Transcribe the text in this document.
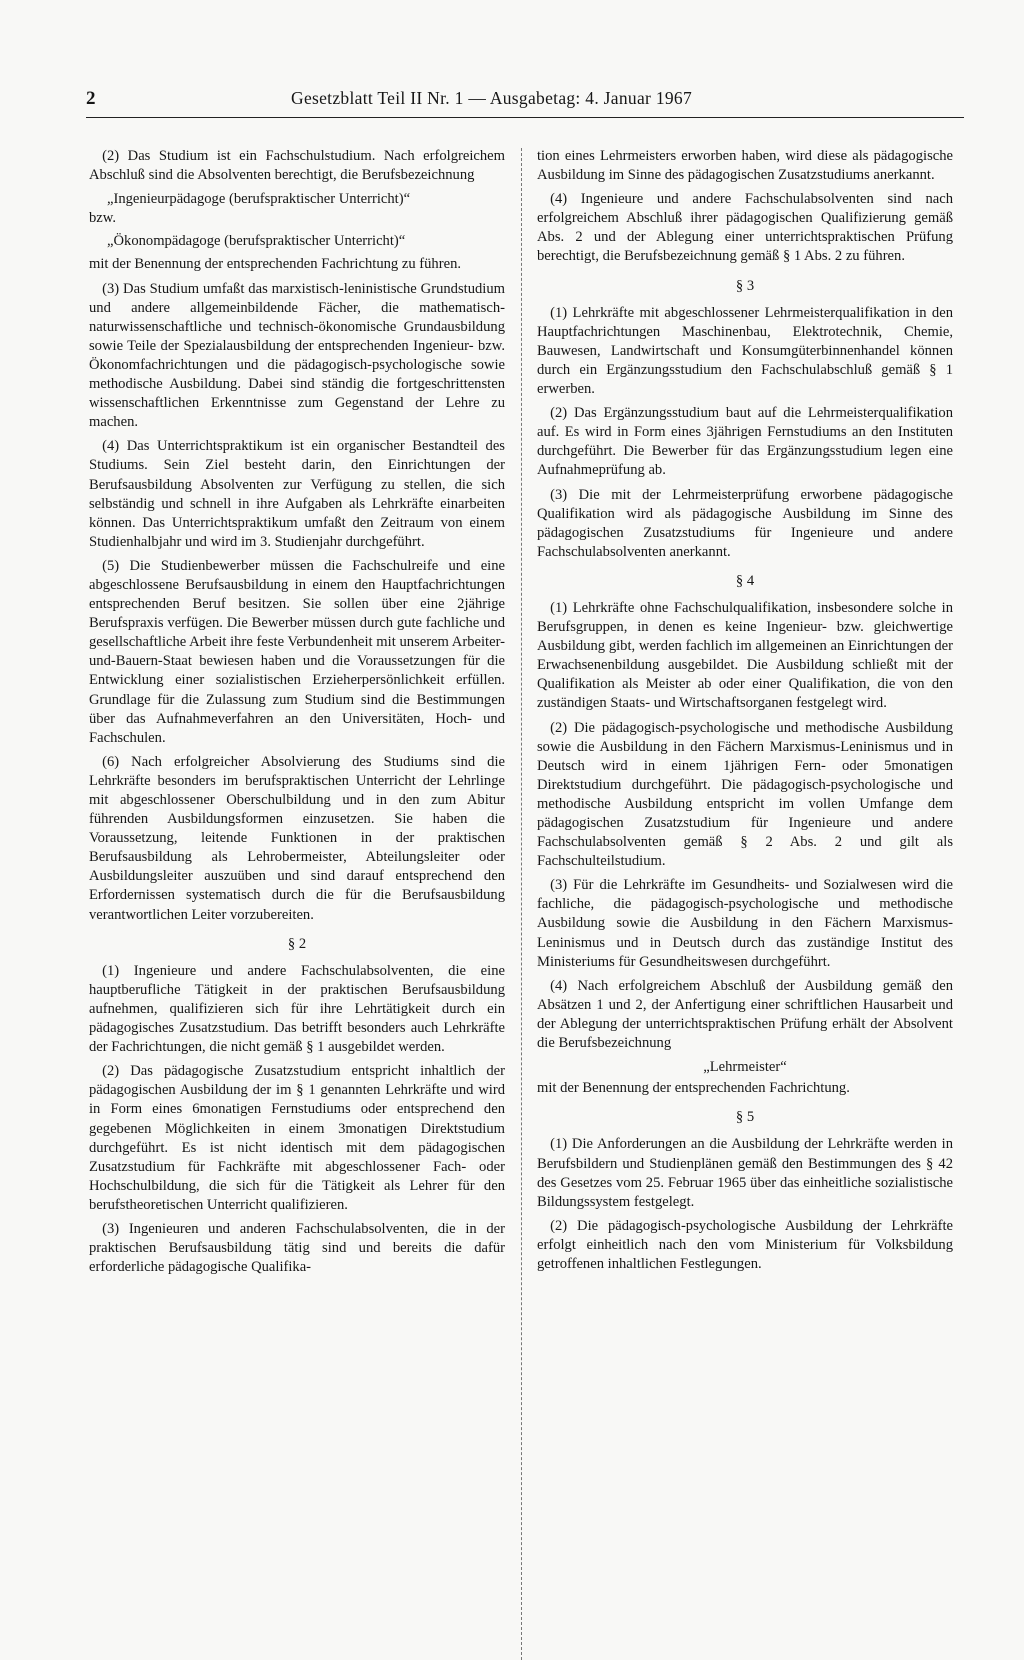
2	Gesetzblatt Teil II Nr. 1 — Ausgabetag: 4. Januar 1967

(2) Das Studium ist ein Fachschulstudium. Nach erfolgreichem Abschluß sind die Absolventen berechtigt, die Berufsbezeichnung

„Ingenieurpädagoge (berufspraktischer Unterricht)“

bzw.

„Ökonompädagoge (berufspraktischer Unterricht)“

mit der Benennung der entsprechenden Fachrichtung zu führen.

(3) Das Studium umfaßt das marxistisch-leninistische Grundstudium und andere allgemeinbildende Fächer, die mathematisch-naturwissenschaftliche und technisch-ökonomische Grundausbildung sowie Teile der Spezialausbildung der entsprechenden Ingenieur- bzw. Ökonomfachrichtungen und die pädagogisch-psychologische sowie methodische Ausbildung. Dabei sind ständig die fortgeschrittensten wissenschaftlichen Erkenntnisse zum Gegenstand der Lehre zu machen.

(4) Das Unterrichtspraktikum ist ein organischer Bestandteil des Studiums. Sein Ziel besteht darin, den Einrichtungen der Berufsausbildung Absolventen zur Verfügung zu stellen, die sich selbständig und schnell in ihre Aufgaben als Lehrkräfte einarbeiten können. Das Unterrichtspraktikum umfaßt den Zeitraum von einem Studienhalbjahr und wird im 3. Studienjahr durchgeführt.

(5) Die Studienbewerber müssen die Fachschulreife und eine abgeschlossene Berufsausbildung in einem den Hauptfachrichtungen entsprechenden Beruf besitzen. Sie sollen über eine 2jährige Berufspraxis verfügen. Die Bewerber müssen durch gute fachliche und gesellschaftliche Arbeit ihre feste Verbundenheit mit unserem Arbeiter-und-Bauern-Staat bewiesen haben und die Voraussetzungen für die Entwicklung einer sozialistischen Erzieherpersönlichkeit erfüllen. Grundlage für die Zulassung zum Studium sind die Bestimmungen über das Aufnahmeverfahren an den Universitäten, Hoch- und Fachschulen.

(6) Nach erfolgreicher Absolvierung des Studiums sind die Lehrkräfte besonders im berufspraktischen Unterricht der Lehrlinge mit abgeschlossener Oberschulbildung und in den zum Abitur führenden Ausbildungsformen einzusetzen. Sie haben die Voraussetzung, leitende Funktionen in der praktischen Berufsausbildung als Lehrobermeister, Abteilungsleiter oder Ausbildungsleiter auszuüben und sind darauf entsprechend den Erfordernissen systematisch durch die für die Berufsausbildung verantwortlichen Leiter vorzubereiten.

§ 2

(1) Ingenieure und andere Fachschulabsolventen, die eine hauptberufliche Tätigkeit in der praktischen Berufsausbildung aufnehmen, qualifizieren sich für ihre Lehrtätigkeit durch ein pädagogisches Zusatzstudium. Das betrifft besonders auch Lehrkräfte der Fachrichtungen, die nicht gemäß § 1 ausgebildet werden.

(2) Das pädagogische Zusatzstudium entspricht inhaltlich der pädagogischen Ausbildung der im § 1 genannten Lehrkräfte und wird in Form eines 6monatigen Fernstudiums oder entsprechend den gegebenen Möglichkeiten in einem 3monatigen Direktstudium durchgeführt. Es ist nicht identisch mit dem pädagogischen Zusatzstudium für Fachkräfte mit abgeschlossener Fach- oder Hochschulbildung, die sich für die Tätigkeit als Lehrer für den berufstheoretischen Unterricht qualifizieren.

(3) Ingenieuren und anderen Fachschulabsolventen, die in der praktischen Berufsausbildung tätig sind und bereits die dafür erforderliche pädagogische Qualifika-

tion eines Lehrmeisters erworben haben, wird diese als pädagogische Ausbildung im Sinne des pädagogischen Zusatzstudiums anerkannt.

(4) Ingenieure und andere Fachschulabsolventen sind nach erfolgreichem Abschluß ihrer pädagogischen Qualifizierung gemäß Abs. 2 und der Ablegung einer unterrichtspraktischen Prüfung berechtigt, die Berufsbezeichnung gemäß § 1 Abs. 2 zu führen.

§ 3

(1) Lehrkräfte mit abgeschlossener Lehrmeisterqualifikation in den Hauptfachrichtungen Maschinenbau, Elektrotechnik, Chemie, Bauwesen, Landwirtschaft und Konsumgüterbinnenhandel können durch ein Ergänzungsstudium den Fachschulabschluß gemäß § 1 erwerben.

(2) Das Ergänzungsstudium baut auf die Lehrmeisterqualifikation auf. Es wird in Form eines 3jährigen Fernstudiums an den Instituten durchgeführt. Die Bewerber für das Ergänzungsstudium legen eine Aufnahmeprüfung ab.

(3) Die mit der Lehrmeisterprüfung erworbene pädagogische Qualifikation wird als pädagogische Ausbildung im Sinne des pädagogischen Zusatzstudiums für Ingenieure und andere Fachschulabsolventen anerkannt.

§ 4

(1) Lehrkräfte ohne Fachschulqualifikation, insbesondere solche in Berufsgruppen, in denen es keine Ingenieur- bzw. gleichwertige Ausbildung gibt, werden fachlich im allgemeinen an Einrichtungen der Erwachsenenbildung ausgebildet. Die Ausbildung schließt mit der Qualifikation als Meister ab oder einer Qualifikation, die von den zuständigen Staats- und Wirtschaftsorganen festgelegt wird.

(2) Die pädagogisch-psychologische und methodische Ausbildung sowie die Ausbildung in den Fächern Marxismus-Leninismus und in Deutsch wird in einem 1jährigen Fern- oder 5monatigen Direktstudium durchgeführt. Die pädagogisch-psychologische und methodische Ausbildung entspricht im vollen Umfange dem pädagogischen Zusatzstudium für Ingenieure und andere Fachschulabsolventen gemäß § 2 Abs. 2 und gilt als Fachschulteilstudium.

(3) Für die Lehrkräfte im Gesundheits- und Sozialwesen wird die fachliche, die pädagogisch-psychologische und methodische Ausbildung sowie die Ausbildung in den Fächern Marxismus-Leninismus und in Deutsch durch das zuständige Institut des Ministeriums für Gesundheitswesen durchgeführt.

(4) Nach erfolgreichem Abschluß der Ausbildung gemäß den Absätzen 1 und 2, der Anfertigung einer schriftlichen Hausarbeit und der Ablegung der unterrichtspraktischen Prüfung erhält der Absolvent die Berufsbezeichnung

„Lehrmeister“

mit der Benennung der entsprechenden Fachrichtung.

§ 5

(1) Die Anforderungen an die Ausbildung der Lehrkräfte werden in Berufsbildern und Studienplänen gemäß den Bestimmungen des § 42 des Gesetzes vom 25. Februar 1965 über das einheitliche sozialistische Bildungssystem festgelegt.

(2) Die pädagogisch-psychologische Ausbildung der Lehrkräfte erfolgt einheitlich nach den vom Ministerium für Volksbildung getroffenen inhaltlichen Festlegungen.
